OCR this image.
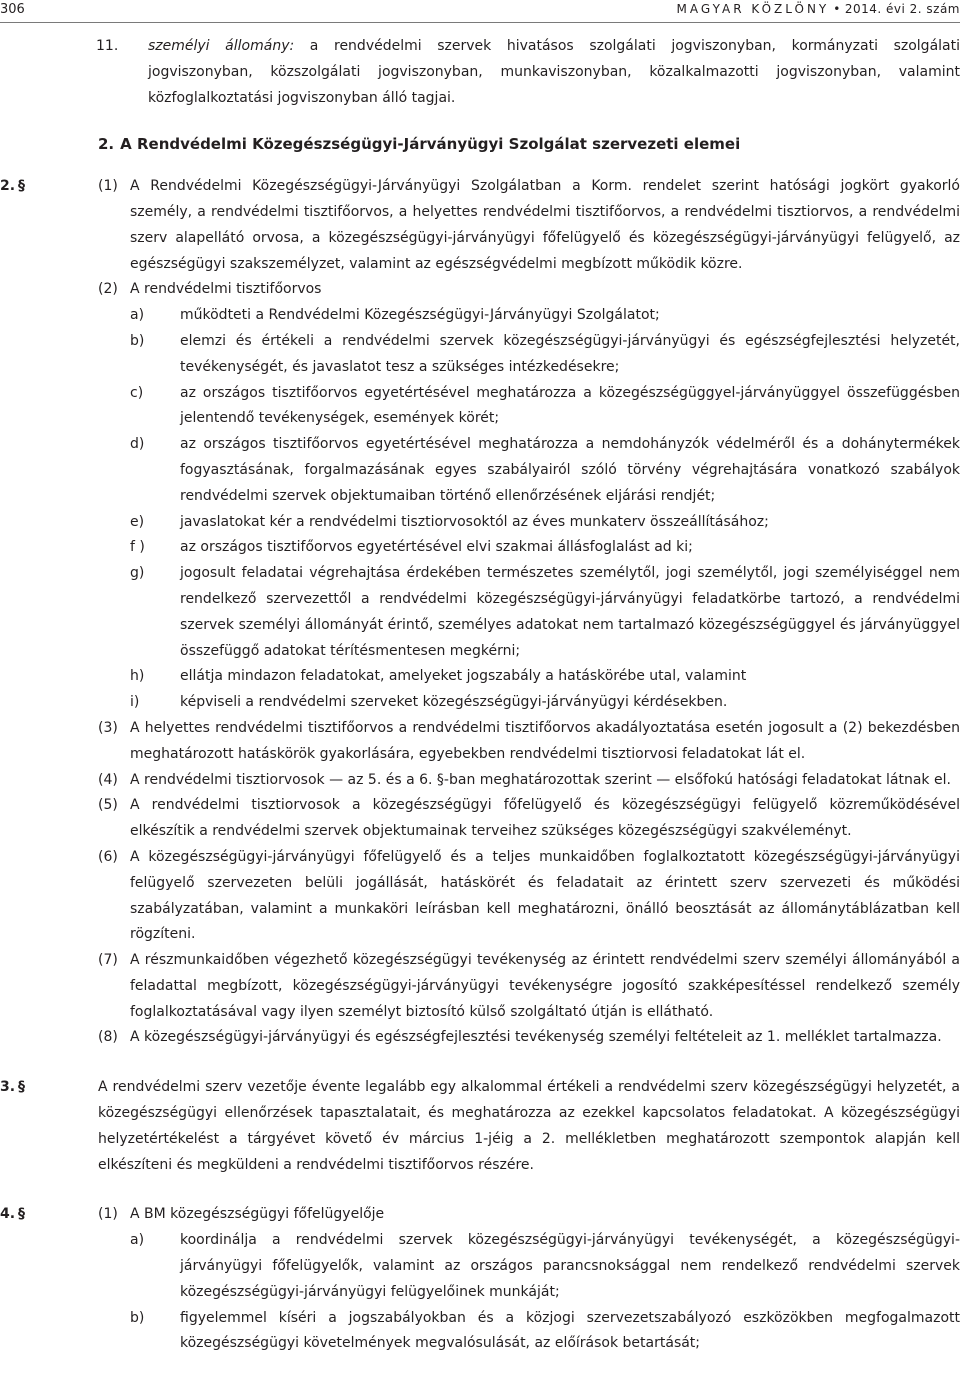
306	MAGYAR KÖZLÖNY • 2014. évi 2. szám
11. személyi állomány: a rendvédelmi szervek hivatásos szolgálati jogviszonyban, kormányzati szolgálati jogviszonyban, közszolgálati jogviszonyban, munkaviszonyban, közalkalmazotti jogviszonyban, valamint közfoglalkoztatási jogviszonyban álló tagjai.
2. A Rendvédelmi Közegészségügyi-Járványügyi Szolgálat szervezeti elemei
2. §	(1) A Rendvédelmi Közegészségügyi-Járványügyi Szolgálatban a Korm. rendelet szerint hatósági jogkört gyakorló személy, a rendvédelmi tisztifőorvos, a helyettes rendvédelmi tisztifőorvos, a rendvédelmi tisztiorvos, a rendvédelmi szerv alapellátó orvosa, a közegészségügyi-járványügyi főfelügyelő és közegészségügyi-járványügyi felügyelő, az egészségügyi szakszemélyzet, valamint az egészségvédelmi megbízott működik közre.
(2) A rendvédelmi tisztifőorvos
a)	működteti a Rendvédelmi Közegészségügyi-Járványügyi Szolgálatot;
b)	elemzi és értékeli a rendvédelmi szervek közegészségügyi-járványügyi és egészségfejlesztési helyzetét, tevékenységét, és javaslatot tesz a szükséges intézkedésekre;
c)	az országos tisztifőorvos egyetértésével meghatározza a közegészségüggyel-járványüggyel összefüggésben jelentendő tevékenységek, események körét;
d)	az országos tisztifőorvos egyetértésével meghatározza a nemdohányzók védelméről és a dohánytermékek fogyasztásának, forgalmazásának egyes szabályairól szóló törvény végrehajtására vonatkozó szabályok rendvédelmi szervek objektumaiban történő ellenőrzésének eljárási rendjét;
e)	javaslatokat kér a rendvédelmi tisztiorvosoktól az éves munkaterv összeállításához;
f )	az országos tisztifőorvos egyetértésével elvi szakmai állásfoglalást ad ki;
g)	jogosult feladatai végrehajtása érdekében természetes személytől, jogi személytől, jogi személyiséggel nem rendelkező szervezettől a rendvédelmi közegészségügyi-járványügyi feladatkörbe tartozó, a rendvédelmi szervek személyi állományát érintő, személyes adatokat nem tartalmazó közegészségüggyel és járványüggyel összefüggő adatokat térítésmentesen megkérni;
h)	ellátja mindazon feladatokat, amelyeket jogszabály a hatáskörébe utal, valamint
i)	képviseli a rendvédelmi szerveket közegészségügyi-járványügyi kérdésekben.
(3) A helyettes rendvédelmi tisztifőorvos a rendvédelmi tisztifőorvos akadályoztatása esetén jogosult a (2) bekezdésben meghatározott hatáskörök gyakorlására, egyebekben rendvédelmi tisztiorvosi feladatokat lát el.
(4) A rendvédelmi tisztiorvosok — az 5. és a 6. §-ban meghatározottak szerint — elsőfokú hatósági feladatokat látnak el.
(5) A rendvédelmi tisztiorvosok a közegészségügyi főfelügyelő és közegészségügyi felügyelő közreműködésével elkészítik a rendvédelmi szervek objektumainak terveihez szükséges közegészségügyi szakvéleményt.
(6) A közegészségügyi-járványügyi főfelügyelő és a teljes munkaidőben foglalkoztatott közegészségügyi-járványügyi felügyelő szervezeten belüli jogállását, hatáskörét és feladatait az érintett szerv szervezeti és működési szabályzatában, valamint a munkaköri leírásban kell meghatározni, önálló beosztását az állománytáblázatban kell rögzíteni.
(7) A részmunkaidőben végezhető közegészségügyi tevékenység az érintett rendvédelmi szerv személyi állományából a feladattal megbízott, közegészségügyi-járványügyi tevékenységre jogosító szakképesítéssel rendelkező személy foglalkoztatásával vagy ilyen személyt biztosító külső szolgáltató útján is ellátható.
(8) A közegészségügyi-járványügyi és egészségfejlesztési tevékenység személyi feltételeit az 1. melléklet tartalmazza.
3. §	A rendvédelmi szerv vezetője évente legalább egy alkalommal értékeli a rendvédelmi szerv közegészségügyi helyzetét, a közegészségügyi ellenőrzések tapasztalatait, és meghatározza az ezekkel kapcsolatos feladatokat. A közegészségügyi helyzetértékelést a tárgyévet követő év március 1-jéig a 2. mellékletben meghatározott szempontok alapján kell elkészíteni és megküldeni a rendvédelmi tisztifőorvos részére.
4. §	(1) A BM közegészségügyi főfelügyelője
a)	koordinálja a rendvédelmi szervek közegészségügyi-járványügyi tevékenységét, a közegészségügyi-járványügyi főfelügyelők, valamint az országos parancsnoksággal nem rendelkező rendvédelmi szervek közegészségügyi-járványügyi felügyelőinek munkáját;
b)	figyelemmel kíséri a jogszabályokban és a közjogi szervezetszabályozó eszközökben megfogalmazott közegészségügyi követelmények megvalósulását, az előírások betartását;
